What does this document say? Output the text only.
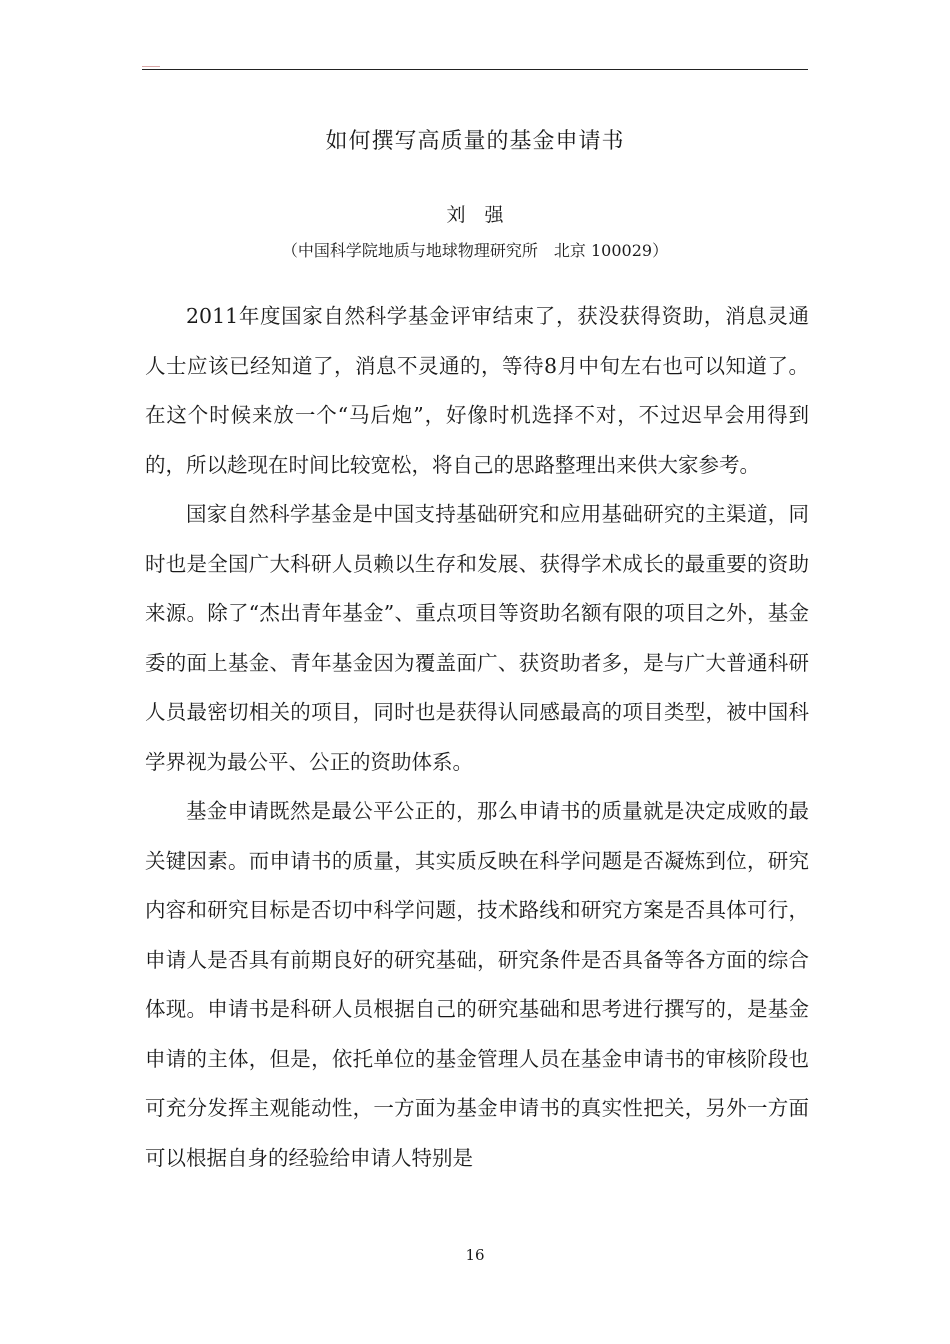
如何撰写高质量的基金申请书
刘　强
（中国科学院地质与地球物理研究所　北京 100029）

2011年度国家自然科学基金评审结束了，获没获得资助，消息灵通人士应该已经知道了，消息不灵通的，等待8月中旬左右也可以知道了。在这个时候来放一个“马后炮”，好像时机选择不对，不过迟早会用得到的，所以趁现在时间比较宽松，将自己的思路整理出来供大家参考。

国家自然科学基金是中国支持基础研究和应用基础研究的主渠道，同时也是全国广大科研人员赖以生存和发展、获得学术成长的最重要的资助来源。除了“杰出青年基金”、重点项目等资助名额有限的项目之外，基金委的面上基金、青年基金因为覆盖面广、获资助者多，是与广大普通科研人员最密切相关的项目，同时也是获得认同感最高的项目类型，被中国科学界视为最公平、公正的资助体系。

基金申请既然是最公平公正的，那么申请书的质量就是决定成败的最关键因素。而申请书的质量，其实质反映在科学问题是否凝炼到位，研究内容和研究目标是否切中科学问题，技术路线和研究方案是否具体可行，申请人是否具有前期良好的研究基础，研究条件是否具备等各方面的综合体现。申请书是科研人员根据自己的研究基础和思考进行撰写的，是基金申请的主体，但是，依托单位的基金管理人员在基金申请书的审核阶段也可充分发挥主观能动性，一方面为基金申请书的真实性把关，另外一方面可以根据自身的经验给申请人特别是

16
